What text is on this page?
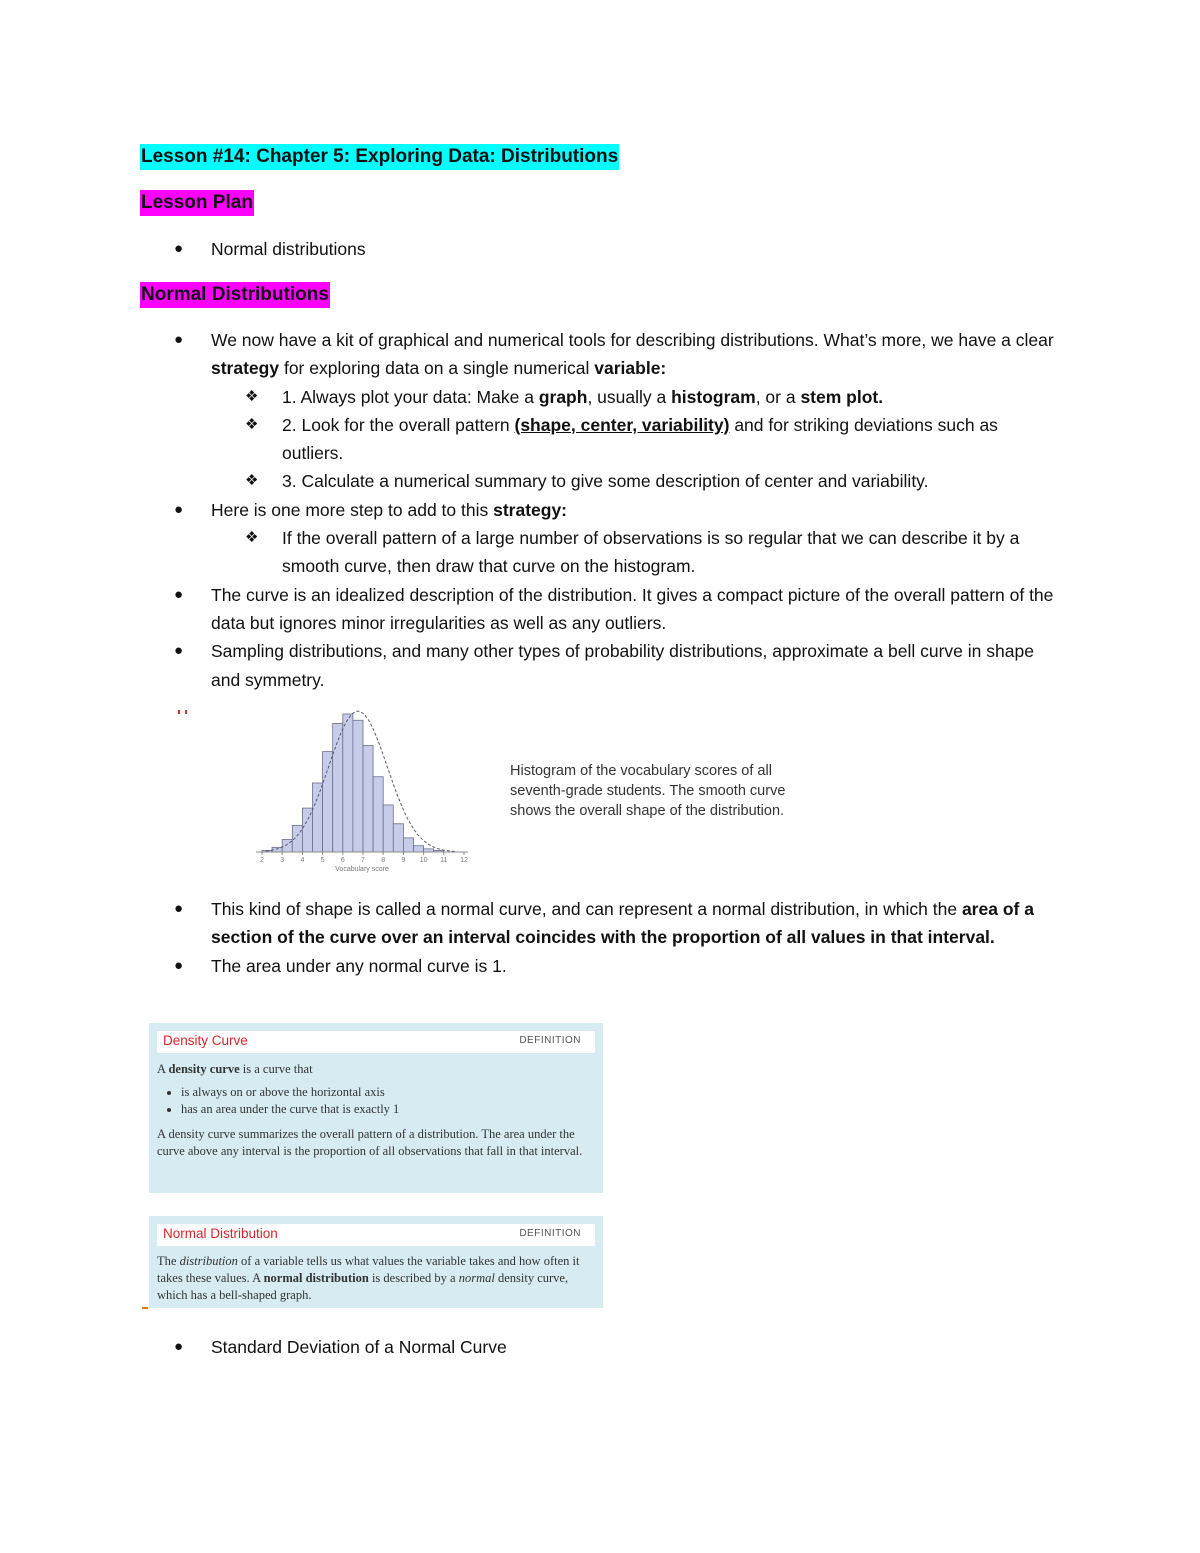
Lesson #14: Chapter 5: Exploring Data: Distributions
Lesson Plan
● Normal distributions
Normal Distributions
● We now have a kit of graphical and numerical tools for describing distributions. What’s more, we have a clear strategy for exploring data on a single numerical variable:
❖ 1. Always plot your data: Make a graph, usually a histogram, or a stem plot.
❖ 2. Look for the overall pattern (shape, center, variability) and for striking deviations such as outliers.
❖ 3. Calculate a numerical summary to give some description of center and variability.
● Here is one more step to add to this strategy:
❖ If the overall pattern of a large number of observations is so regular that we can describe it by a smooth curve, then draw that curve on the histogram.
● The curve is an idealized description of the distribution. It gives a compact picture of the overall pattern of the data but ignores minor irregularities as well as any outliers.
● Sampling distributions, and many other types of probability distributions, approximate a bell curve in shape and symmetry.
2 3 4 5 6 7 8 9 10 11 12
Vocabulary score
Histogram of the vocabulary scores of all seventh-grade students. The smooth curve shows the overall shape of the distribution.
● This kind of shape is called a normal curve, and can represent a normal distribution, in which the area of a section of the curve over an interval coincides with the proportion of all values in that interval.
● The area under any normal curve is 1.
Density Curve	DEFINITION
A density curve is a curve that
• is always on or above the horizontal axis
• has an area under the curve that is exactly 1
A density curve summarizes the overall pattern of a distribution. The area under the curve above any interval is the proportion of all observations that fall in that interval.
Normal Distribution	DEFINITION
The distribution of a variable tells us what values the variable takes and how often it takes these values. A normal distribution is described by a normal density curve, which has a bell-shaped graph.
● Standard Deviation of a Normal Curve
